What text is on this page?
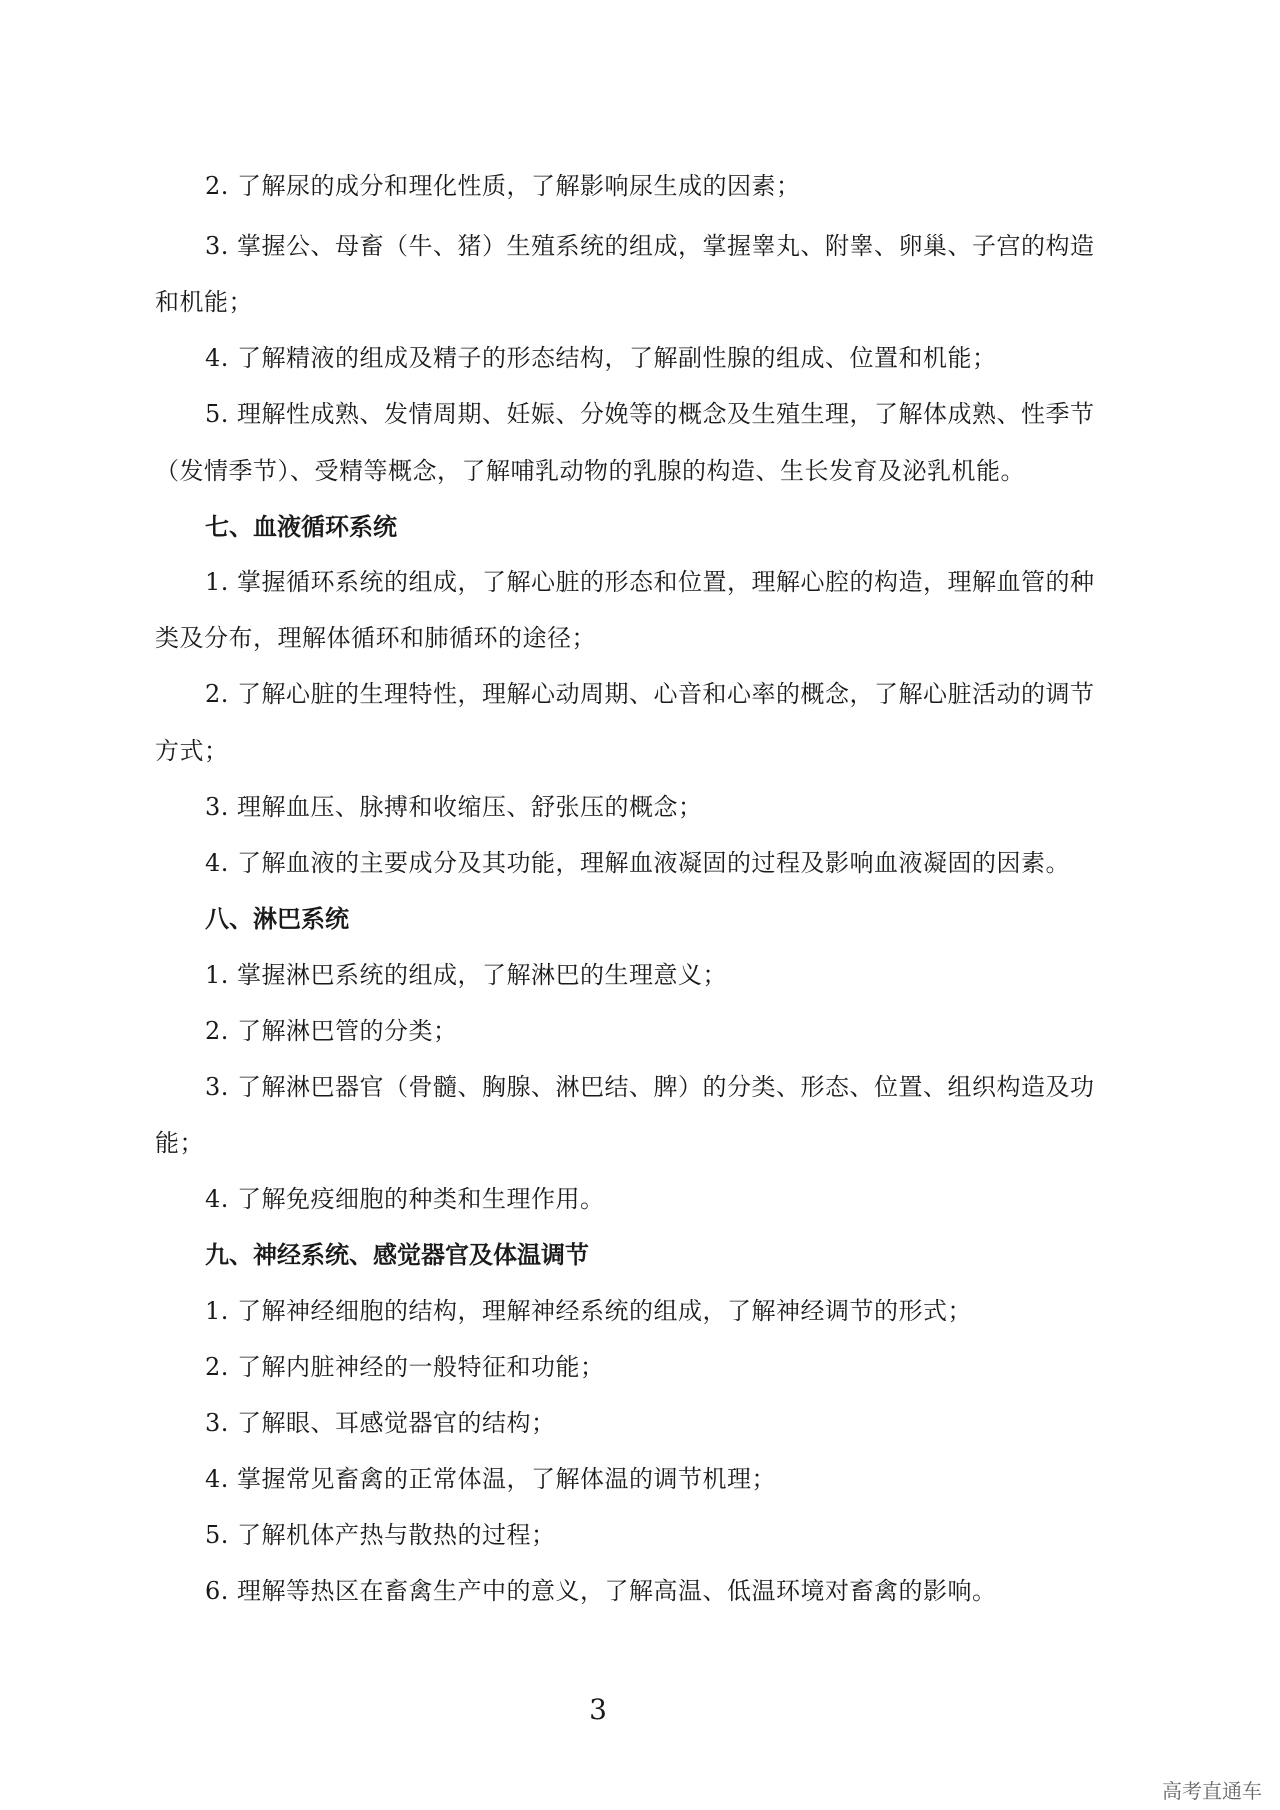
2. 了解尿的成分和理化性质，了解影响尿生成的因素；
3. 掌握公、母畜（牛、猪）生殖系统的组成，掌握睾丸、附睾、卵巢、子宫的构造
和机能；
4. 了解精液的组成及精子的形态结构，了解副性腺的组成、位置和机能；
5. 理解性成熟、发情周期、妊娠、分娩等的概念及生殖生理，了解体成熟、性季节
（发情季节）、受精等概念，了解哺乳动物的乳腺的构造、生长发育及泌乳机能。
七、血液循环系统
1. 掌握循环系统的组成，了解心脏的形态和位置，理解心腔的构造，理解血管的种
类及分布，理解体循环和肺循环的途径；
2. 了解心脏的生理特性，理解心动周期、心音和心率的概念，了解心脏活动的调节
方式；
3. 理解血压、脉搏和收缩压、舒张压的概念；
4. 了解血液的主要成分及其功能，理解血液凝固的过程及影响血液凝固的因素。
八、淋巴系统
1. 掌握淋巴系统的组成，了解淋巴的生理意义；
2. 了解淋巴管的分类；
3. 了解淋巴器官（骨髓、胸腺、淋巴结、脾）的分类、形态、位置、组织构造及功
能；
4. 了解免疫细胞的种类和生理作用。
九、神经系统、感觉器官及体温调节
1. 了解神经细胞的结构，理解神经系统的组成，了解神经调节的形式；
2. 了解内脏神经的一般特征和功能；
3. 了解眼、耳感觉器官的结构；
4. 掌握常见畜禽的正常体温，了解体温的调节机理；
5. 了解机体产热与散热的过程；
6. 理解等热区在畜禽生产中的意义，了解高温、低温环境对畜禽的影响。
3
高考直通车
